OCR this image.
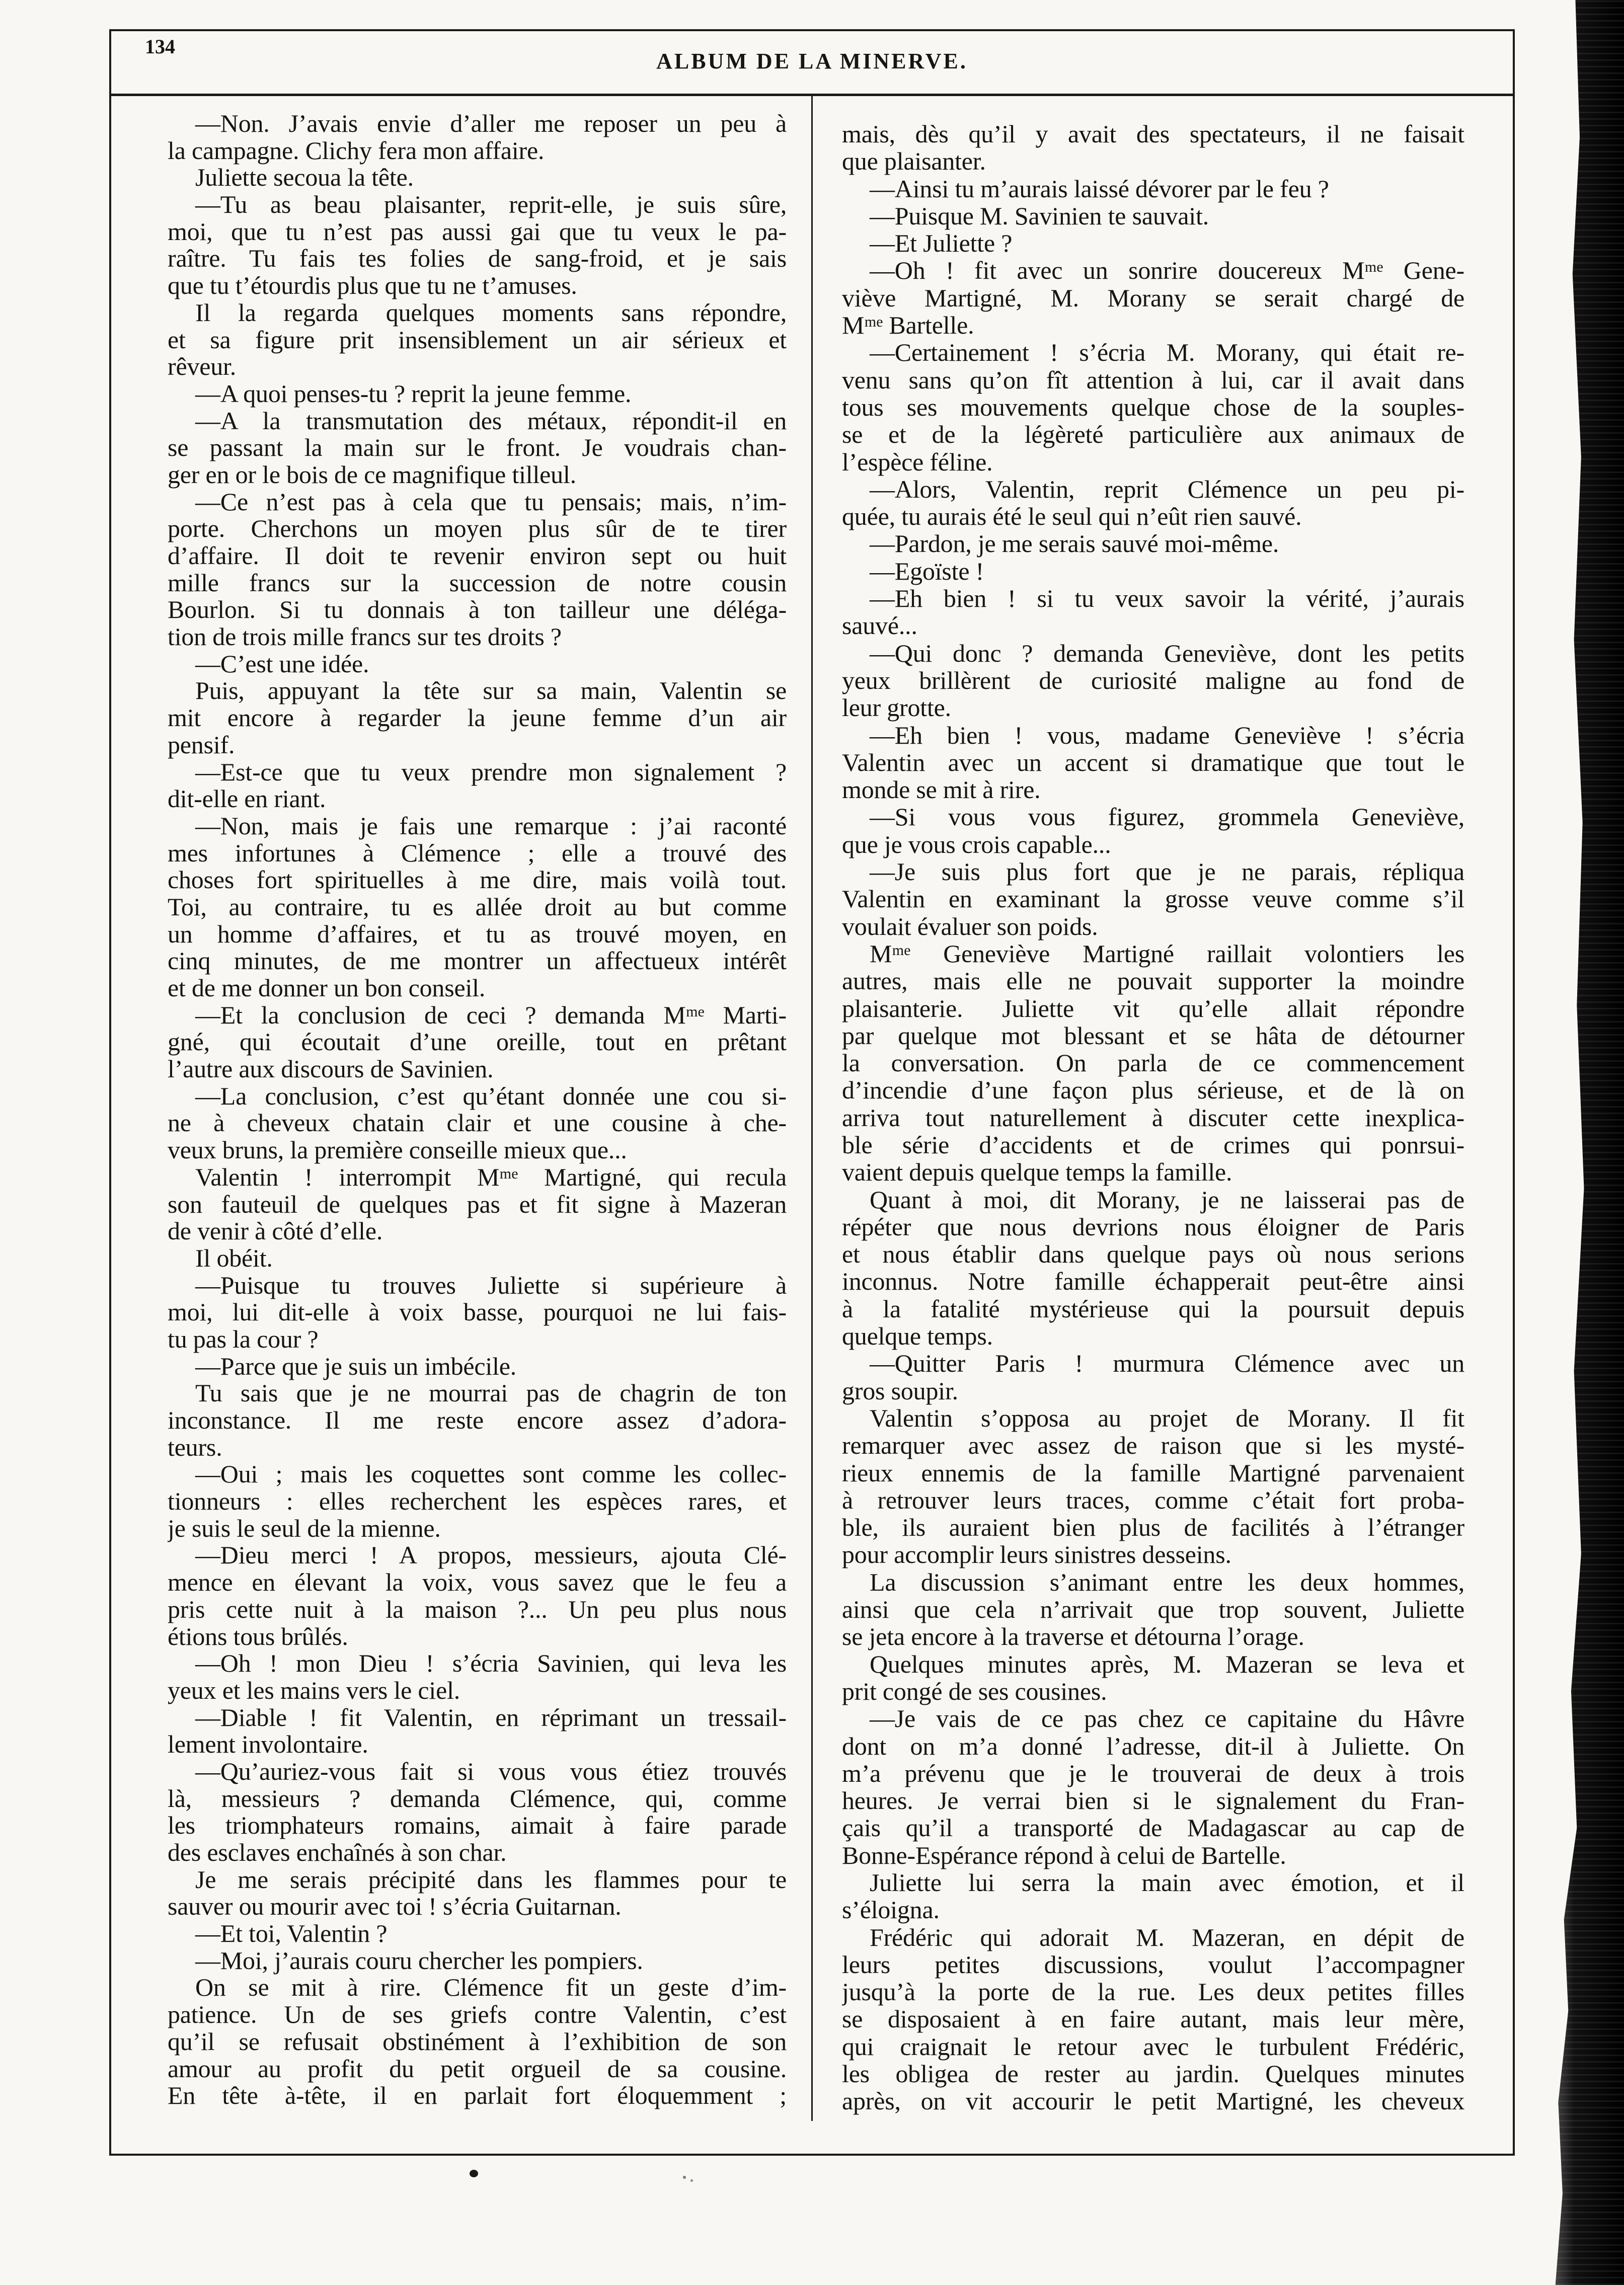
134
ALBUM DE LA MINERVE.
—Non. J’avais envie d’aller me reposer un peu à
la campagne. Clichy fera mon affaire.
Juliette secoua la tête.
—Tu as beau plaisanter, reprit-elle, je suis sûre,
moi, que tu n’est pas aussi gai que tu veux le pa-
raître. Tu fais tes folies de sang-froid, et je sais
que tu t’étourdis plus que tu ne t’amuses.
Il la regarda quelques moments sans répondre,
et sa figure prit insensiblement un air sérieux et
rêveur.
—A quoi penses-tu ? reprit la jeune femme.
—A la transmutation des métaux, répondit-il en
se passant la main sur le front. Je voudrais chan-
ger en or le bois de ce magnifique tilleul.
—Ce n’est pas à cela que tu pensais; mais, n’im-
porte. Cherchons un moyen plus sûr de te tirer
d’affaire. Il doit te revenir environ sept ou huit
mille francs sur la succession de notre cousin
Bourlon. Si tu donnais à ton tailleur une déléga-
tion de trois mille francs sur tes droits ?
—C’est une idée.
Puis, appuyant la tête sur sa main, Valentin se
mit encore à regarder la jeune femme d’un air
pensif.
—Est-ce que tu veux prendre mon signalement ?
dit-elle en riant.
—Non, mais je fais une remarque : j’ai raconté
mes infortunes à Clémence ; elle a trouvé des
choses fort spirituelles à me dire, mais voilà tout.
Toi, au contraire, tu es allée droit au but comme
un homme d’affaires, et tu as trouvé moyen, en
cinq minutes, de me montrer un affectueux intérêt
et de me donner un bon conseil.
—Et la conclusion de ceci ? demanda Mᵐᵉ Marti-
gné, qui écoutait d’une oreille, tout en prêtant
l’autre aux discours de Savinien.
—La conclusion, c’est qu’étant donnée une cou si-
ne à cheveux chatain clair et une cousine à che-
veux bruns, la première conseille mieux que...
Valentin ! interrompit Mᵐᵉ Martigné, qui recula
son fauteuil de quelques pas et fit signe à Mazeran
de venir à côté d’elle.
Il obéit.
—Puisque tu trouves Juliette si supérieure à
moi, lui dit-elle à voix basse, pourquoi ne lui fais-
tu pas la cour ?
—Parce que je suis un imbécile.
Tu sais que je ne mourrai pas de chagrin de ton
inconstance. Il me reste encore assez d’adora-
teurs.
—Oui ; mais les coquettes sont comme les collec-
tionneurs : elles recherchent les espèces rares, et
je suis le seul de la mienne.
—Dieu merci ! A propos, messieurs, ajouta Clé-
mence en élevant la voix, vous savez que le feu a
pris cette nuit à la maison ?... Un peu plus nous
étions tous brûlés.
—Oh ! mon Dieu ! s’écria Savinien, qui leva les
yeux et les mains vers le ciel.
—Diable ! fit Valentin, en réprimant un tressail-
lement involontaire.
—Qu’auriez-vous fait si vous vous étiez trouvés
là, messieurs ? demanda Clémence, qui, comme
les triomphateurs romains, aimait à faire parade
des esclaves enchaînés à son char.
Je me serais précipité dans les flammes pour te
sauver ou mourir avec toi ! s’écria Guitarnan.
—Et toi, Valentin ?
—Moi, j’aurais couru chercher les pompiers.
On se mit à rire. Clémence fit un geste d’im-
patience. Un de ses griefs contre Valentin, c’est
qu’il se refusait obstinément à l’exhibition de son
amour au profit du petit orgueil de sa cousine.
En tête à-tête, il en parlait fort éloquemment ;
mais, dès qu’il y avait des spectateurs, il ne faisait
que plaisanter.
—Ainsi tu m’aurais laissé dévorer par le feu ?
—Puisque M. Savinien te sauvait.
—Et Juliette ?
—Oh ! fit avec un sonrire doucereux Mᵐᵉ Gene-
viève Martigné, M. Morany se serait chargé de
Mᵐᵉ Bartelle.
—Certainement ! s’écria M. Morany, qui était re-
venu sans qu’on fît attention à lui, car il avait dans
tous ses mouvements quelque chose de la souples-
se et de la légèreté particulière aux animaux de
l’espèce féline.
—Alors, Valentin, reprit Clémence un peu pi-
quée, tu aurais été le seul qui n’eût rien sauvé.
—Pardon, je me serais sauvé moi-même.
—Egoïste !
—Eh bien ! si tu veux savoir la vérité, j’aurais
sauvé...
—Qui donc ? demanda Geneviève, dont les petits
yeux brillèrent de curiosité maligne au fond de
leur grotte.
—Eh bien ! vous, madame Geneviève ! s’écria
Valentin avec un accent si dramatique que tout le
monde se mit à rire.
—Si vous vous figurez, grommela Geneviève,
que je vous crois capable...
—Je suis plus fort que je ne parais, répliqua
Valentin en examinant la grosse veuve comme s’il
voulait évaluer son poids.
Mᵐᵉ Geneviève Martigné raillait volontiers les
autres, mais elle ne pouvait supporter la moindre
plaisanterie. Juliette vit qu’elle allait répondre
par quelque mot blessant et se hâta de détourner
la conversation. On parla de ce commencement
d’incendie d’une façon plus sérieuse, et de là on
arriva tout naturellement à discuter cette inexplica-
ble série d’accidents et de crimes qui ponrsui-
vaient depuis quelque temps la famille.
Quant à moi, dit Morany, je ne laisserai pas de
répéter que nous devrions nous éloigner de Paris
et nous établir dans quelque pays où nous serions
inconnus. Notre famille échapperait peut-être ainsi
à la fatalité mystérieuse qui la poursuit depuis
quelque temps.
—Quitter Paris ! murmura Clémence avec un
gros soupir.
Valentin s’opposa au projet de Morany. Il fit
remarquer avec assez de raison que si les mysté-
rieux ennemis de la famille Martigné parvenaient
à retrouver leurs traces, comme c’était fort proba-
ble, ils auraient bien plus de facilités à l’étranger
pour accomplir leurs sinistres desseins.
La discussion s’animant entre les deux hommes,
ainsi que cela n’arrivait que trop souvent, Juliette
se jeta encore à la traverse et détourna l’orage.
Quelques minutes après, M. Mazeran se leva et
prit congé de ses cousines.
—Je vais de ce pas chez ce capitaine du Hâvre
dont on m’a donné l’adresse, dit-il à Juliette. On
m’a prévenu que je le trouverai de deux à trois
heures. Je verrai bien si le signalement du Fran-
çais qu’il a transporté de Madagascar au cap de
Bonne-Espérance répond à celui de Bartelle.
Juliette lui serra la main avec émotion, et il
s’éloigna.
Frédéric qui adorait M. Mazeran, en dépit de
leurs petites discussions, voulut l’accompagner
jusqu’à la porte de la rue. Les deux petites filles
se disposaient à en faire autant, mais leur mère,
qui craignait le retour avec le turbulent Frédéric,
les obligea de rester au jardin. Quelques minutes
après, on vit accourir le petit Martigné, les cheveux
